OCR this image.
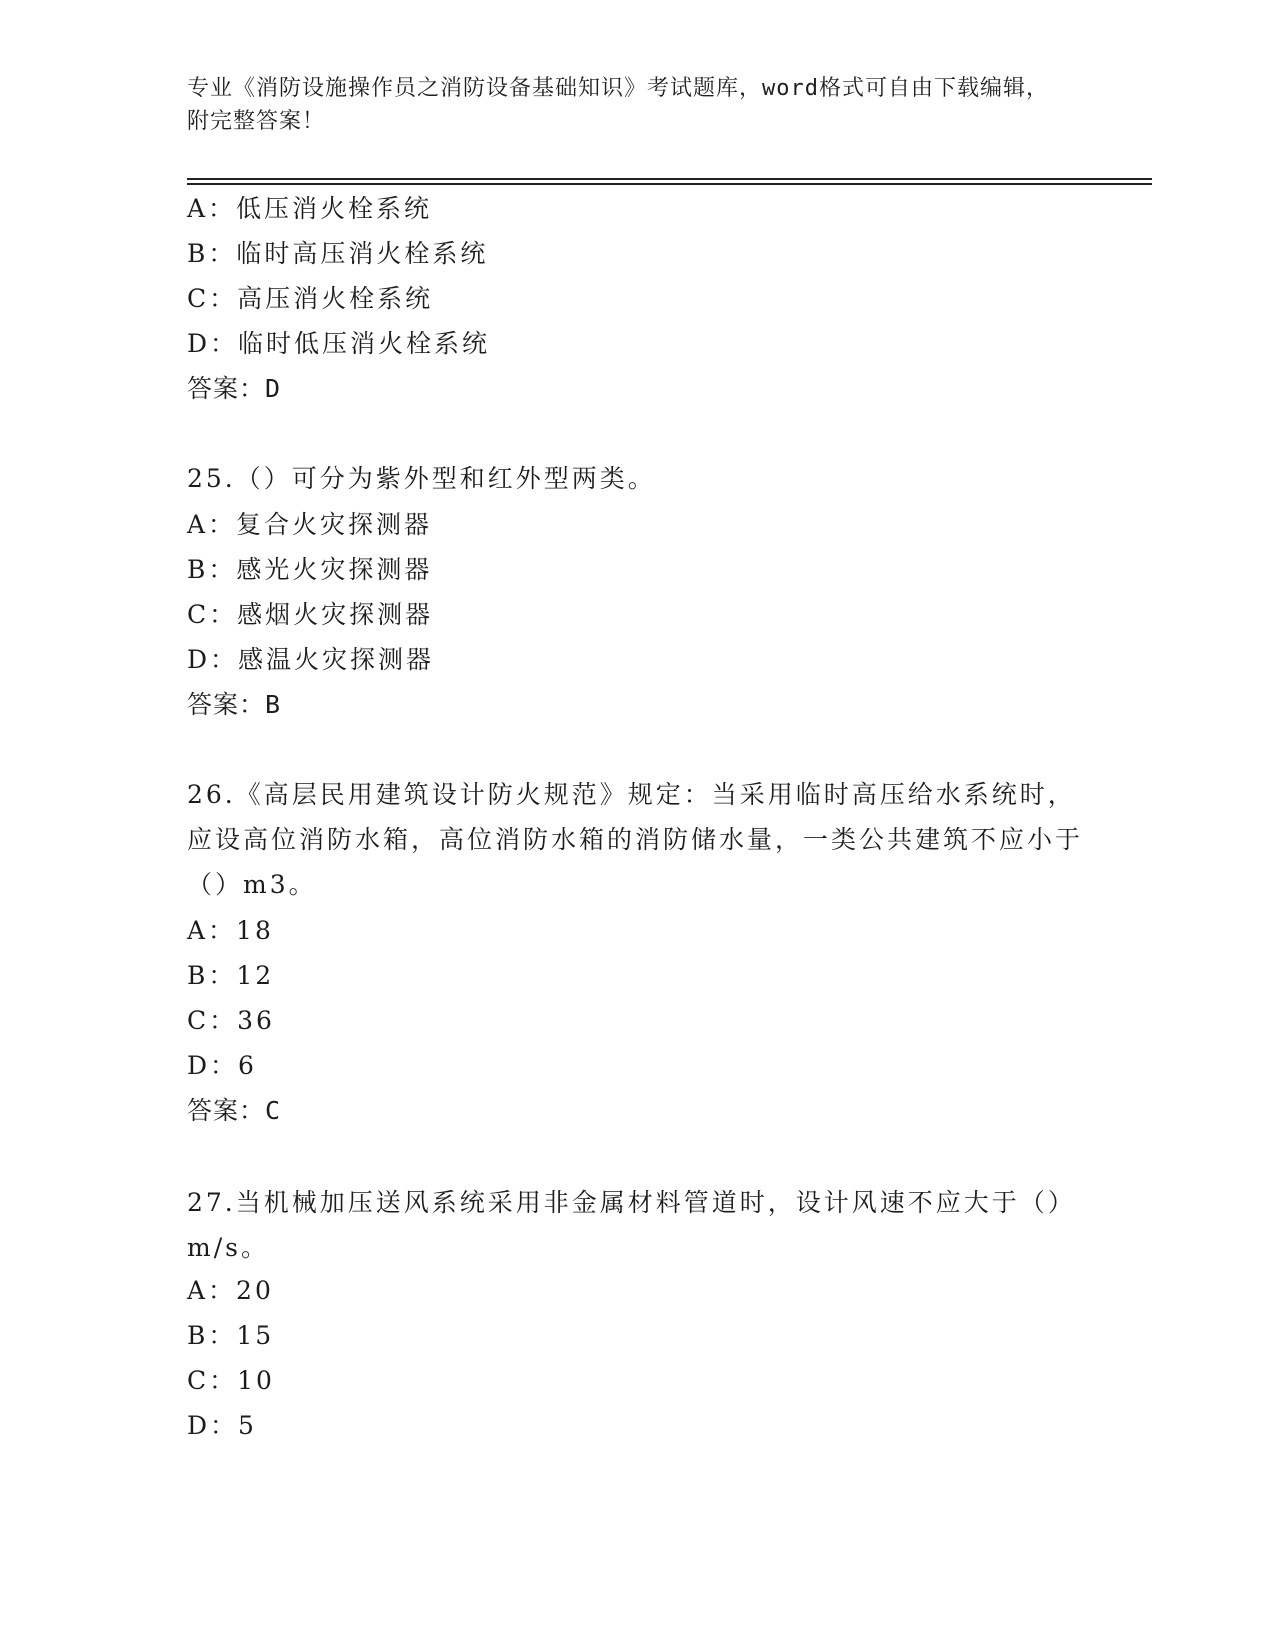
专业《消防设施操作员之消防设备基础知识》考试题库，word格式可自由下载编辑，附完整答案！
A：低压消火栓系统
B：临时高压消火栓系统
C：高压消火栓系统
D：临时低压消火栓系统
答案：D
25.（）可分为紫外型和红外型两类。
A：复合火灾探测器
B：感光火灾探测器
C：感烟火灾探测器
D：感温火灾探测器
答案：B
26.《高层民用建筑设计防火规范》规定：当采用临时高压给水系统时，应设高位消防水箱，高位消防水箱的消防储水量，一类公共建筑不应小于（）m3。
A：18
B：12
C：36
D：6
答案：C
27.当机械加压送风系统采用非金属材料管道时，设计风速不应大于（）m/s。
A：20
B：15
C：10
D：5
